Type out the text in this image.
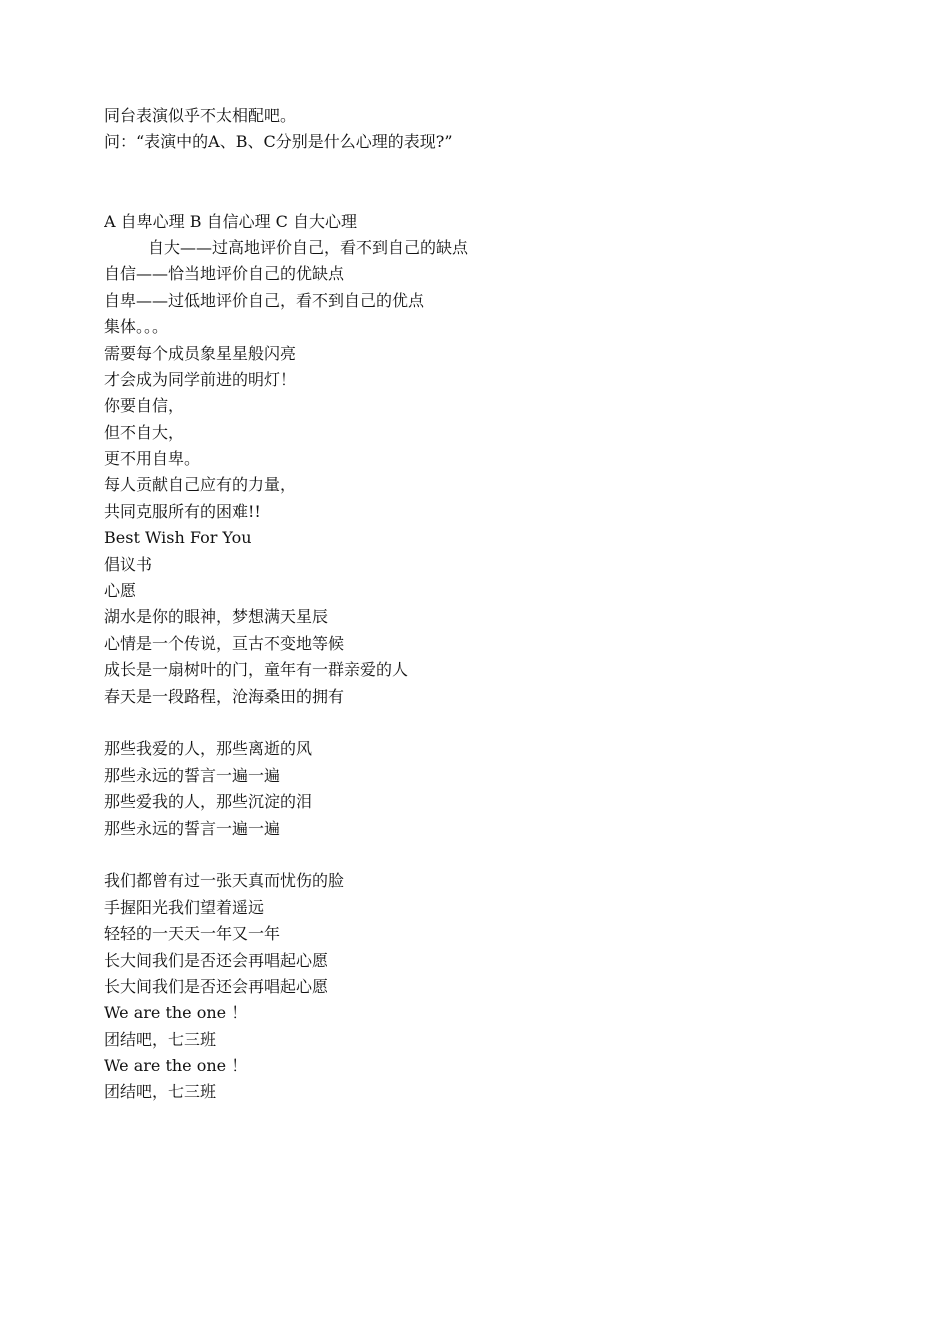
同台表演似乎不太相配吧。
问：“表演中的A、B、C分别是什么心理的表现?”
A 自卑心理 B 自信心理 C 自大心理
自大——过高地评价自己，看不到自己的缺点
自信——恰当地评价自己的优缺点
自卑——过低地评价自己，看不到自己的优点
集体。。。
需要每个成员象星星般闪亮
才会成为同学前进的明灯！
你要自信，
但不自大，
更不用自卑。
每人贡献自己应有的力量，
共同克服所有的困难!!
Best Wish For You
倡议书
心愿
湖水是你的眼神，梦想满天星辰
心情是一个传说，亘古不变地等候
成长是一扇树叶的门，童年有一群亲爱的人
春天是一段路程，沧海桑田的拥有
那些我爱的人，那些离逝的风
那些永远的誓言一遍一遍
那些爱我的人，那些沉淀的泪
那些永远的誓言一遍一遍
我们都曾有过一张天真而忧伤的脸
手握阳光我们望着遥远
轻轻的一天天一年又一年
长大间我们是否还会再唱起心愿
长大间我们是否还会再唱起心愿
We are the one ！
团结吧，七三班
We are the one ！
团结吧，七三班
